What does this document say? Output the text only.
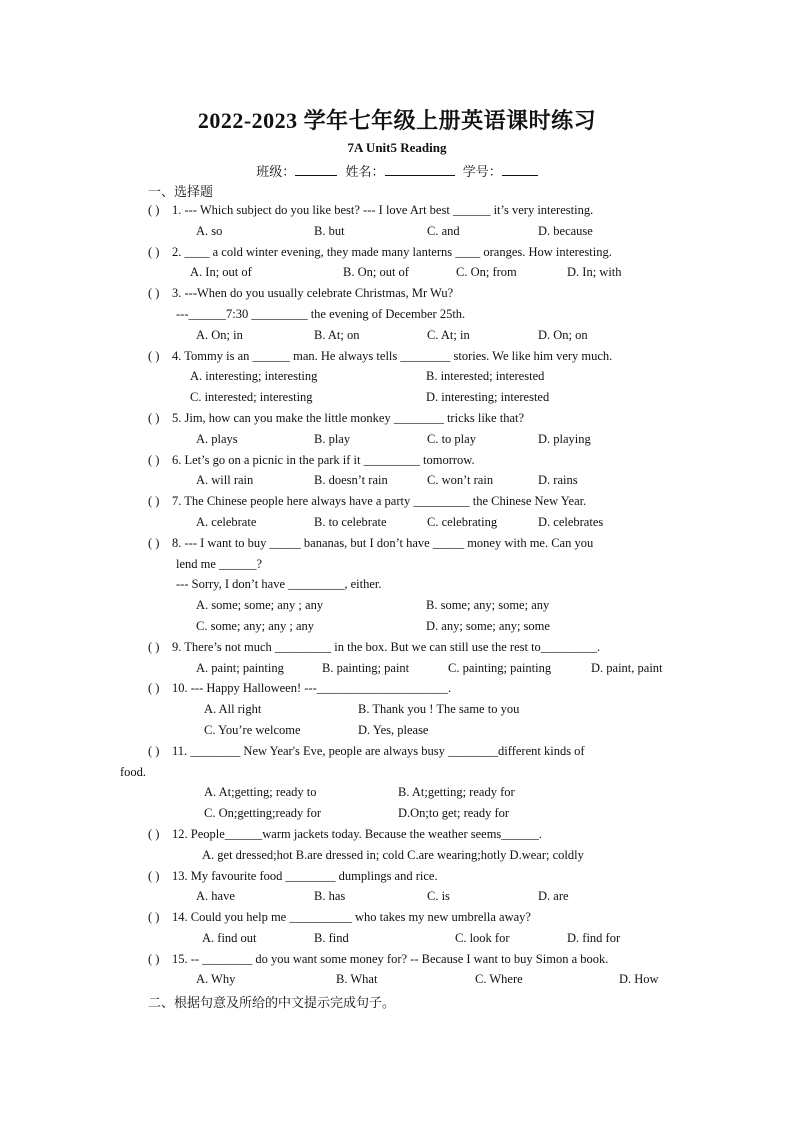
2022-2023 学年七年级上册英语课时练习
7A Unit5 Reading
班级：	姓名：	学号：
一、选择题
( ) 1. --- Which subject do you like best? --- I love Art best ______ it’s very interesting.
A. so	B. but	C. and	D. because
( ) 2. ____ a cold winter evening, they made many lanterns ____ oranges. How interesting.
A. In; out of	B. On; out of	C. On; from	D. In; with
( ) 3. ---When do you usually celebrate Christmas, Mr Wu?
---______7:30 _________ the evening of December 25th.
A. On; in	B. At; on	C. At; in	D. On; on
( ) 4. Tommy is an ______ man. He always tells ________ stories. We like him very much.
A. interesting; interesting	B. interested; interested
C. interested; interesting	D. interesting; interested
( ) 5. Jim, how can you make the little monkey ________ tricks like that?
A. plays	B. play	C. to play	D. playing
( ) 6. Let’s go on a picnic in the park if it _________ tomorrow.
A. will rain	B. doesn’t rain	C. won’t rain	D. rains
( ) 7. The Chinese people here always have a party _________ the Chinese New Year.
A. celebrate	B. to celebrate	C. celebrating	D. celebrates
( ) 8. --- I want to buy _____ bananas, but I don’t have _____ money with me. Can you
lend me ______?
--- Sorry, I don’t have _________, either.
A. some; some; any ; any	B. some; any; some; any
C. some; any; any ; any	D. any; some; any; some
( ) 9. There’s not much _________ in the box. But we can still use the rest to_________.
A. paint; painting	B. painting; paint	C. painting; painting	D. paint, paint
( ) 10. --- Happy Halloween! ---_____________________.
A. All right	B. Thank you ! The same to you
C. You’re welcome	D. Yes, please
( ) 11. ________ New Year's Eve, people are always busy ________different kinds of
food.
A. At;getting; ready to	B. At;getting; ready for
C. On;getting;ready for	D.On;to get; ready for
( ) 12. People______warm jackets today. Because the weather seems______.
A. get dressed;hot B.are dressed in; cold C.are wearing;hotly D.wear; coldly
( ) 13. My favourite food ________ dumplings and rice.
A. have	B. has	C. is	D. are
( ) 14. Could you help me __________ who takes my new umbrella away?
A. find out	B. find	C. look for	D. find for
( ) 15. -- ________ do you want some money for? -- Because I want to buy Simon a book.
A. Why	B. What	C. Where	D. How
二、根据句意及所给的中文提示完成句子。
